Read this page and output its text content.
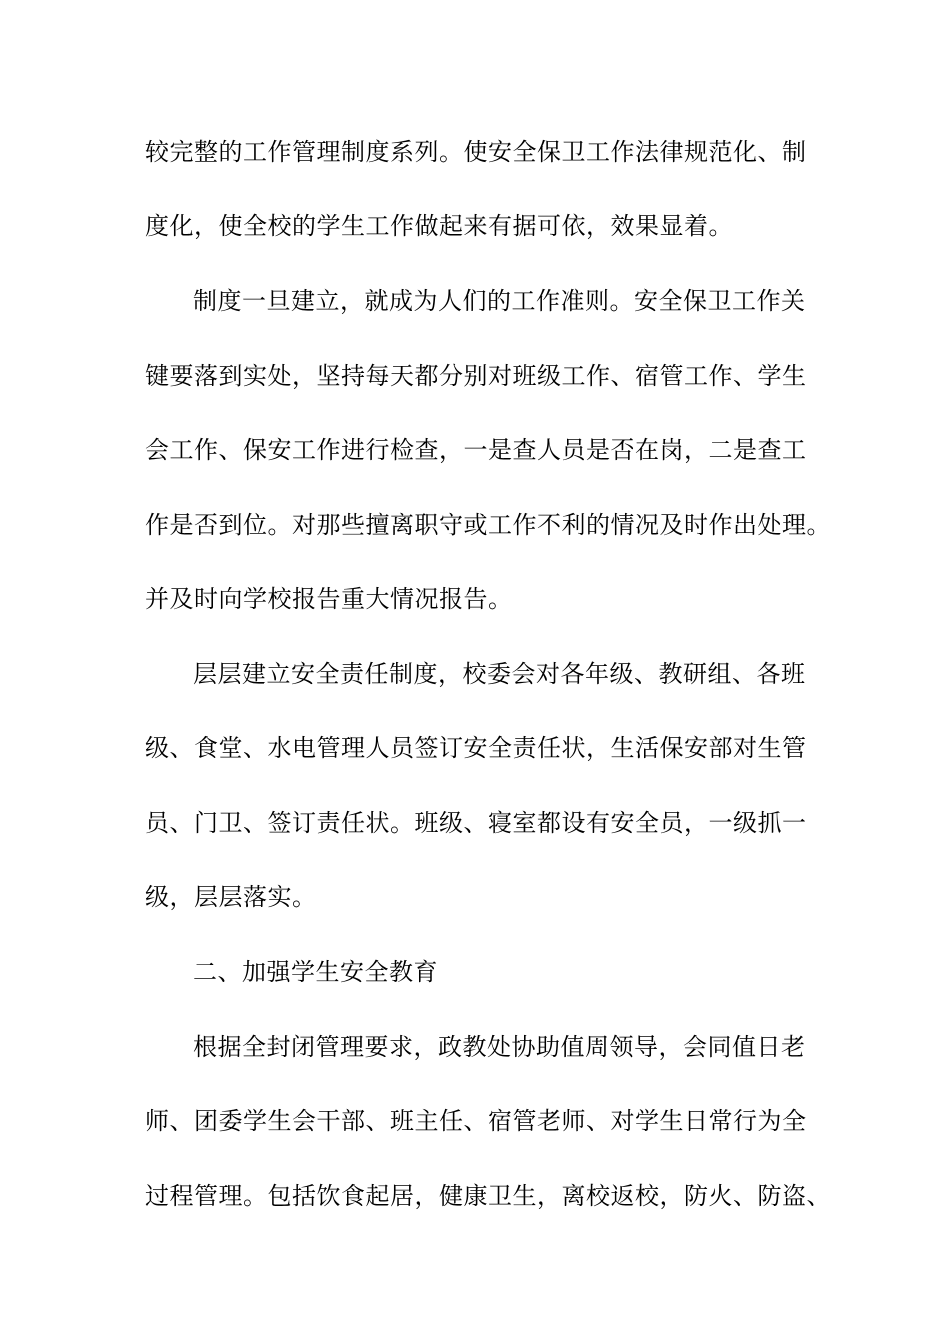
较完整的工作管理制度系列。使安全保卫工作法律规范化、制
度化，使全校的学生工作做起来有据可依，效果显着。
制度一旦建立，就成为人们的工作准则。安全保卫工作关
键要落到实处，坚持每天都分别对班级工作、宿管工作、学生
会工作、保安工作进行检查，一是查人员是否在岗，二是查工
作是否到位。对那些擅离职守或工作不利的情况及时作出处理。
并及时向学校报告重大情况报告。
层层建立安全责任制度，校委会对各年级、教研组、各班
级、食堂、水电管理人员签订安全责任状，生活保安部对生管
员、门卫、签订责任状。班级、寝室都设有安全员，一级抓一
级，层层落实。
二、加强学生安全教育
根据全封闭管理要求，政教处协助值周领导，会同值日老
师、团委学生会干部、班主任、宿管老师、对学生日常行为全
过程管理。包括饮食起居，健康卫生，离校返校，防火、防盗、
